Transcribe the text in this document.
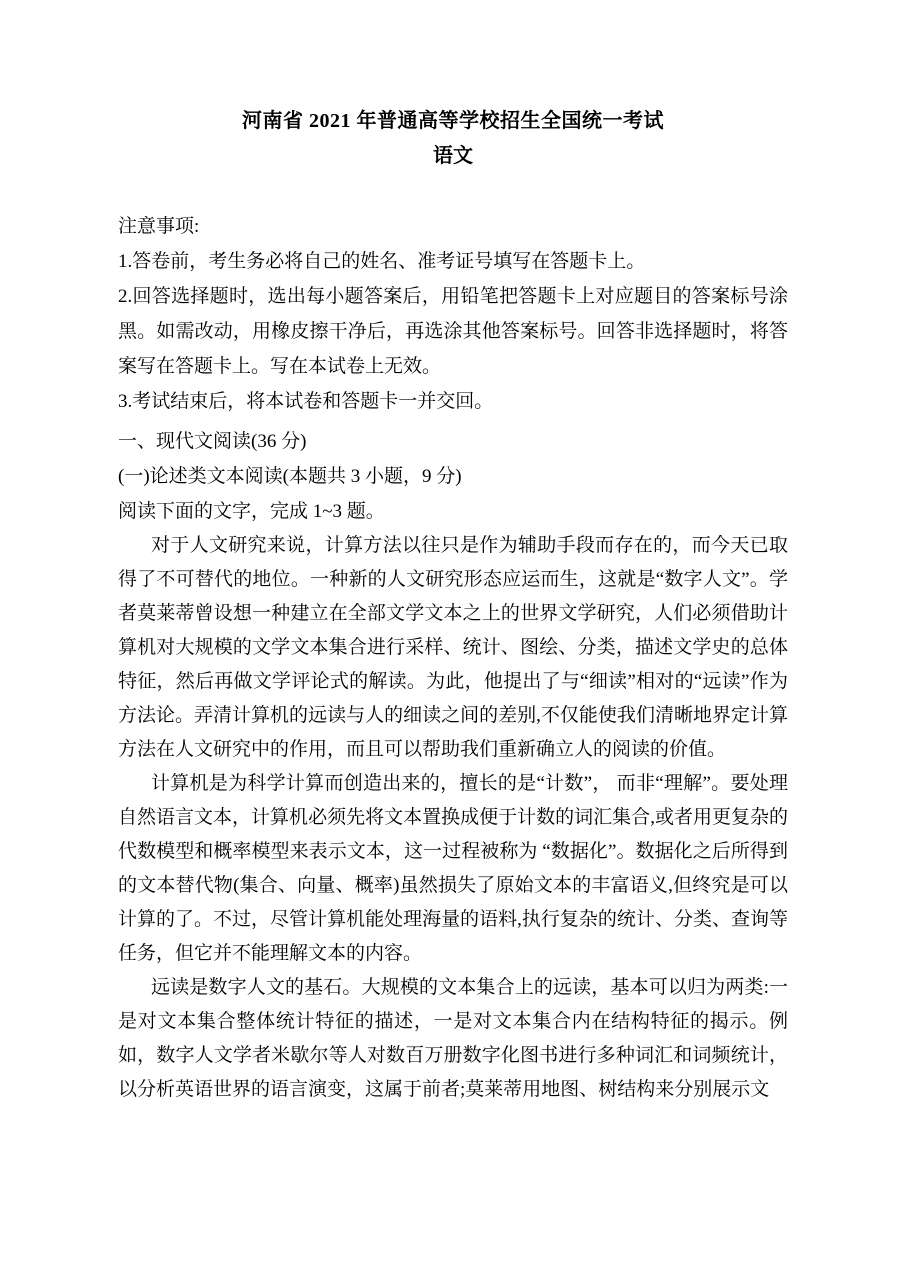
河南省 2021 年普通高等学校招生全国统一考试
语文

注意事项:

1.答卷前，考生务必将自己的姓名、准考证号填写在答题卡上。

2.回答选择题时，选出每小题答案后，用铅笔把答题卡上对应题目的答案标号涂黑。如需改动，用橡皮擦干净后，再选涂其他答案标号。回答非选择题时，将答案写在答题卡上。写在本试卷上无效。

3.考试结束后，将本试卷和答题卡一并交回。

一、现代文阅读(36 分)

(一)论述类文本阅读(本题共 3 小题，9 分)

阅读下面的文字，完成 1~3 题。

对于人文研究来说，计算方法以往只是作为辅助手段而存在的，而今天已取得了不可替代的地位。一种新的人文研究形态应运而生，这就是“数字人文”。学者莫莱蒂曾设想一种建立在全部文学文本之上的世界文学研究，人们必须借助计算机对大规模的文学文本集合进行采样、统计、图绘、分类，描述文学史的总体特征，然后再做文学评论式的解读。为此，他提出了与“细读”相对的“远读”作为方法论。弄清计算机的远读与人的细读之间的差别,不仅能使我们清晰地界定计算方法在人文研究中的作用，而且可以帮助我们重新确立人的阅读的价值。

计算机是为科学计算而创造出来的，擅长的是“计数”， 而非“理解”。要处理自然语言文本，计算机必须先将文本置换成便于计数的词汇集合,或者用更复杂的代数模型和概率模型来表示文本，这一过程被称为 “数据化”。数据化之后所得到的文本替代物(集合、向量、概率)虽然损失了原始文本的丰富语义,但终究是可以计算的了。不过，尽管计算机能处理海量的语料,执行复杂的统计、分类、查询等任务，但它并不能理解文本的内容。

远读是数字人文的基石。大规模的文本集合上的远读，基本可以归为两类:一是对文本集合整体统计特征的描述，一是对文本集合内在结构特征的揭示。例如，数字人文学者米歇尔等人对数百万册数字化图书进行多种词汇和词频统计，以分析英语世界的语言演变，这属于前者;莫莱蒂用地图、树结构来分别展示文
